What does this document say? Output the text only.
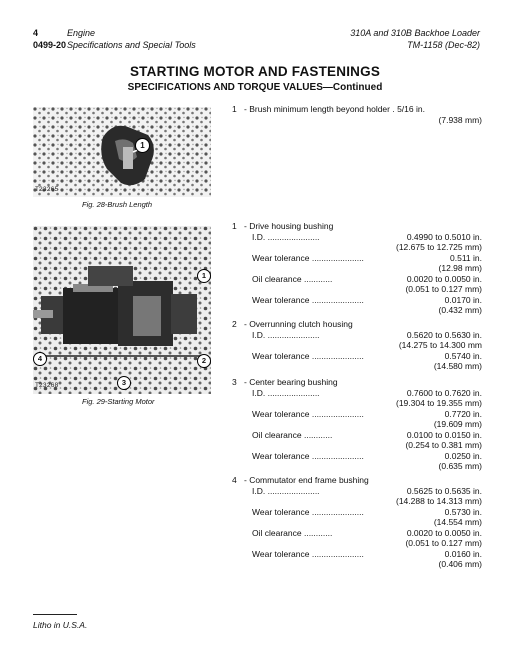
4
0499-20
Engine
Specifications and Special Tools
310A and 310B Backhoe Loader
TM-1158 (Dec-82)
STARTING MOTOR AND FASTENINGS
SPECIFICATIONS AND TORQUE VALUES—Continued
1
T23265
Fig. 28-Brush Length
1 - Brush minimum length beyond holder . 5/16 in.
(7.938 mm)
1
2
3
4
T23268
Fig. 29-Starting Motor
1 - Drive housing bushing
I.D. ......................	0.4990 to 0.5010 in.
(12.675 to 12.725 mm)
Wear tolerance ......................	0.511 in.
(12.98 mm)
Oil clearance ............	0.0020 to 0.0050 in.
(0.051 to 0.127 mm)
Wear tolerance ......................	0.0170 in.
(0.432 mm)
2 - Overrunning clutch housing
I.D. ......................	0.5620 to 0.5630 in.
(14.275 to 14.300 mm
Wear tolerance ......................	0.5740 in.
(14.580 mm)
3 - Center bearing bushing
I.D. ......................	0.7600 to 0.7620 in.
(19.304 to 19.355 mm)
Wear tolerance ......................	0.7720 in.
(19.609 mm)
Oil clearance ............	0.0100 to 0.0150 in.
(0.254 to 0.381 mm)
Wear tolerance ......................	0.0250 in.
(0.635 mm)
4 - Commutator end frame bushing
I.D. ......................	0.5625 to 0.5635 in.
(14.288 to 14.313 mm)
Wear tolerance ......................	0.5730 in.
(14.554 mm)
Oil clearance ............	0.0020 to 0.0050 in.
(0.051 to 0.127 mm)
Wear tolerance ......................	0.0160 in.
(0.406 mm)
Litho in U.S.A.
